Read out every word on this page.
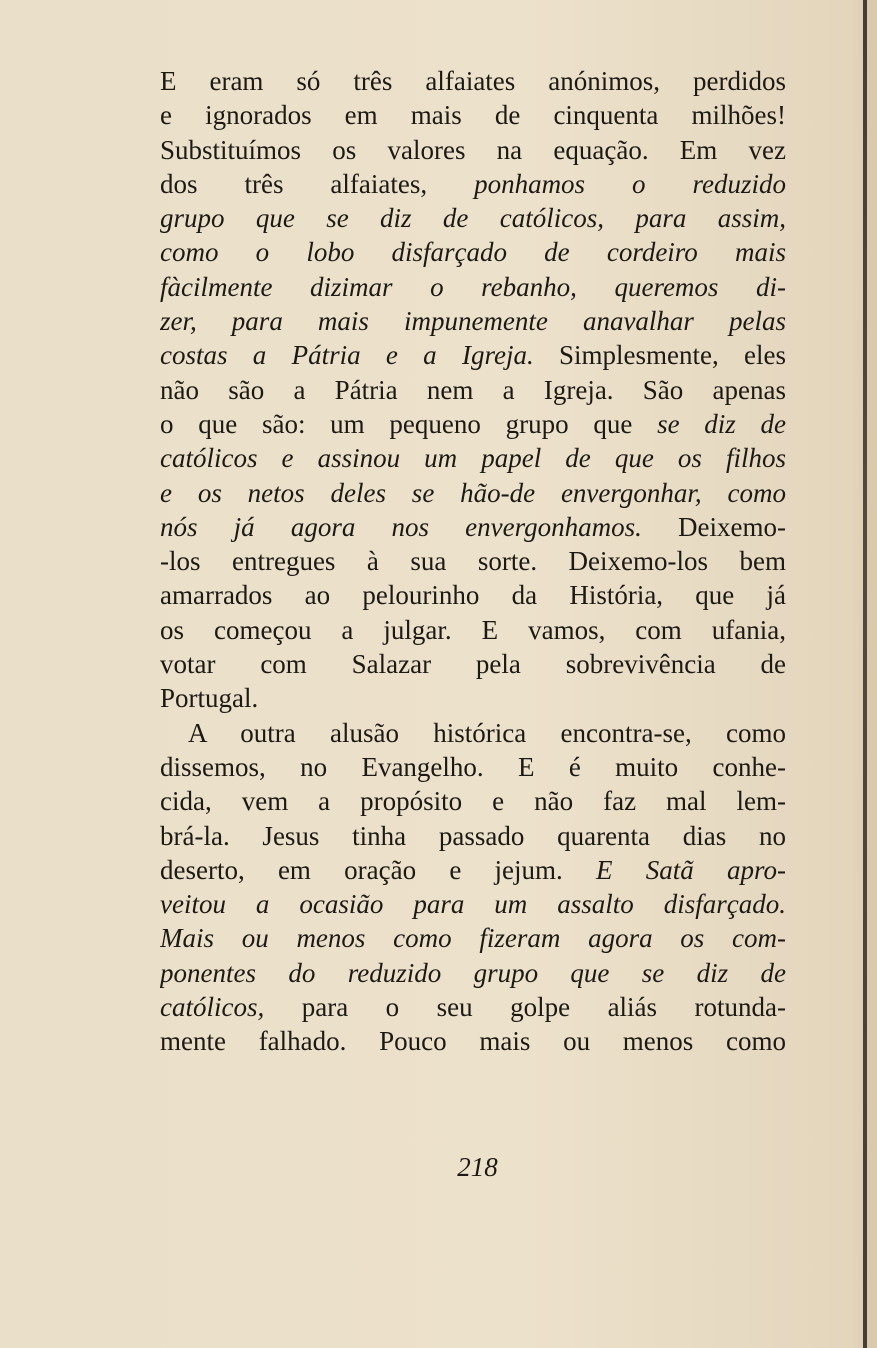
E eram só três alfaiates anónimos, perdidos
e ignorados em mais de cinquenta milhões!
Substituímos os valores na equação. Em vez
dos três alfaiates, ponhamos o reduzido
grupo que se diz de católicos, para assim,
como o lobo disfarçado de cordeiro mais
fàcilmente dizimar o rebanho, queremos di-
zer, para mais impunemente anavalhar pelas
costas a Pátria e a Igreja. Simplesmente, eles
não são a Pátria nem a Igreja. São apenas
o que são: um pequeno grupo que se diz de
católicos e assinou um papel de que os filhos
e os netos deles se hão-de envergonhar, como
nós já agora nos envergonhamos. Deixemo-
-los entregues à sua sorte. Deixemo-los bem
amarrados ao pelourinho da História, que já
os começou a julgar. E vamos, com ufania,
votar com Salazar pela sobrevivência de
Portugal.
A outra alusão histórica encontra-se, como
dissemos, no Evangelho. E é muito conhe-
cida, vem a propósito e não faz mal lem-
brá-la. Jesus tinha passado quarenta dias no
deserto, em oração e jejum. E Satã apro-
veitou a ocasião para um assalto disfarçado.
Mais ou menos como fizeram agora os com-
ponentes do reduzido grupo que se diz de
católicos, para o seu golpe aliás rotunda-
mente falhado. Pouco mais ou menos como
218
